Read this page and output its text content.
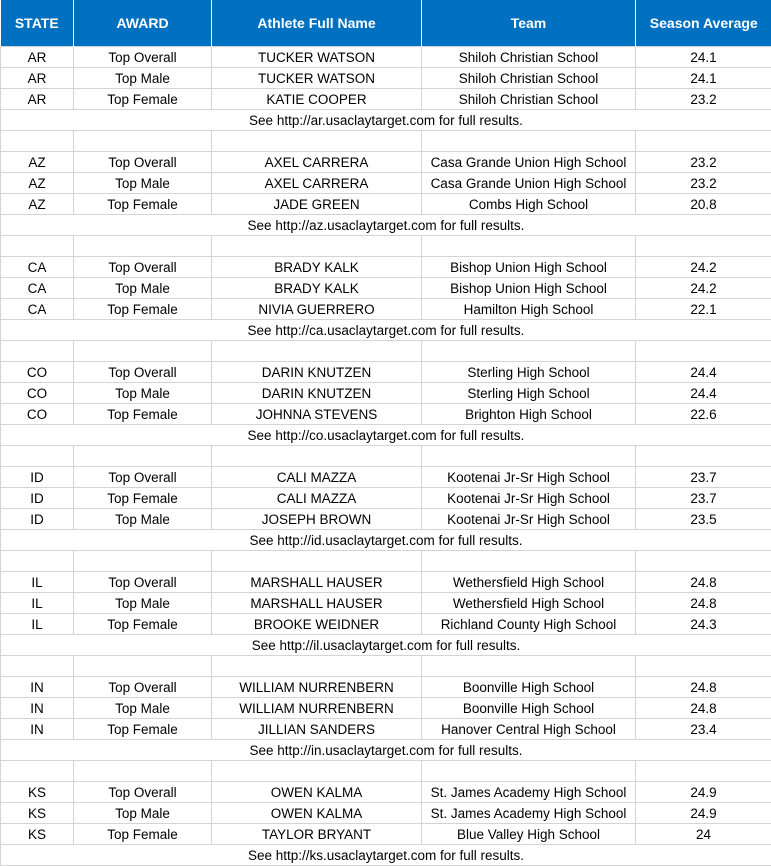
STATE	AWARD	Athlete Full Name	Team	Season Average
AR	Top Overall	TUCKER WATSON	Shiloh Christian School	24.1
AR	Top Male	TUCKER WATSON	Shiloh Christian School	24.1
AR	Top Female	KATIE COOPER	Shiloh Christian School	23.2
See http://ar.usaclaytarget.com for full results.				

AZ	Top Overall	AXEL CARRERA	Casa Grande Union High School	23.2
AZ	Top Male	AXEL CARRERA	Casa Grande Union High School	23.2
AZ	Top Female	JADE GREEN	Combs High School	20.8
See http://az.usaclaytarget.com for full results.				

CA	Top Overall	BRADY KALK	Bishop Union High School	24.2
CA	Top Male	BRADY KALK	Bishop Union High School	24.2
CA	Top Female	NIVIA GUERRERO	Hamilton High School	22.1
See http://ca.usaclaytarget.com for full results.				

CO	Top Overall	DARIN KNUTZEN	Sterling High School	24.4
CO	Top Male	DARIN KNUTZEN	Sterling High School	24.4
CO	Top Female	JOHNNA STEVENS	Brighton High School	22.6
See http://co.usaclaytarget.com for full results.				

ID	Top Overall	CALI MAZZA	Kootenai Jr-Sr High School	23.7
ID	Top Female	CALI MAZZA	Kootenai Jr-Sr High School	23.7
ID	Top Male	JOSEPH BROWN	Kootenai Jr-Sr High School	23.5
See http://id.usaclaytarget.com for full results.				

IL	Top Overall	MARSHALL HAUSER	Wethersfield High School	24.8
IL	Top Male	MARSHALL HAUSER	Wethersfield High School	24.8
IL	Top Female	BROOKE WEIDNER	Richland County High School	24.3
See http://il.usaclaytarget.com for full results.				

IN	Top Overall	WILLIAM NURRENBERN	Boonville High School	24.8
IN	Top Male	WILLIAM NURRENBERN	Boonville High School	24.8
IN	Top Female	JILLIAN SANDERS	Hanover Central High School	23.4
See http://in.usaclaytarget.com for full results.				

KS	Top Overall	OWEN KALMA	St. James Academy High School	24.9
KS	Top Male	OWEN KALMA	St. James Academy High School	24.9
KS	Top Female	TAYLOR BRYANT	Blue Valley High School	24
See http://ks.usaclaytarget.com for full results.				
